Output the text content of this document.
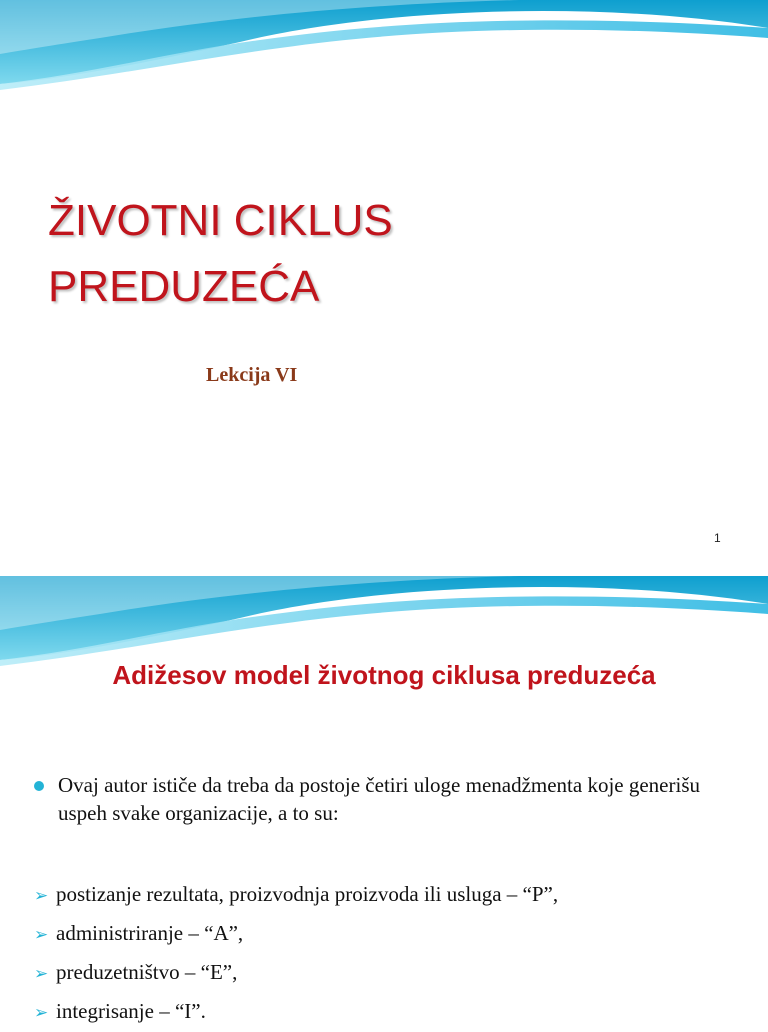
ŽIVOTNI CIKLUS
PREDUZEĆA
Lekcija VI
1
Adižesov model životnog ciklusa preduzeća
Ovaj autor ističe da treba da postoje četiri uloge menadžmenta koje generišu uspeh svake organizacije, a to su:
➢ postizanje rezultata, proizvodnja proizvoda ili usluga – “P”,
➢ administriranje – “A”,
➢ preduzetništvo – “E”,
➢ integrisanje – “I”.
